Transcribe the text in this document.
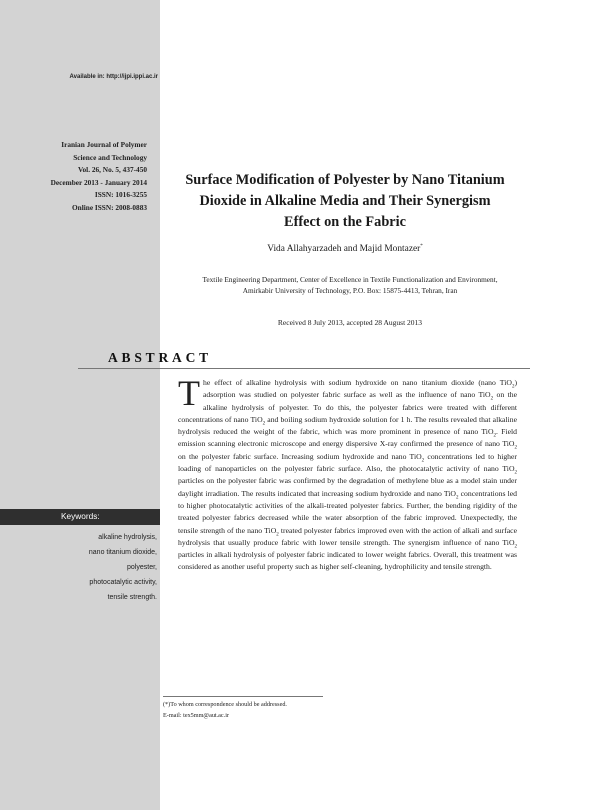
Available in: http://ijpi.ippi.ac.ir
Iranian Journal of Polymer
Science and Technology
Vol. 26, No. 5, 437-450
December 2013 - January 2014
ISSN: 1016-3255
Online ISSN: 2008-0883
Surface Modification of Polyester by Nano Titanium
Dioxide in Alkaline Media and Their Synergism
Effect on the Fabric
Vida Allahyarzadeh and Majid Montazer*
Textile Engineering Department, Center of Excellence in Textile Functionalization and Environment,
Amirkabir University of Technology, P.O. Box: 15875-4413, Tehran, Iran
Received 8 July 2013, accepted 28 August 2013
ABSTRACT
The effect of alkaline hydrolysis with sodium hydroxide on nano titanium dioxide (nano TiO$_2$) adsorption was studied on polyester fabric surface as well as the influence of nano TiO$_2$ on the alkaline hydrolysis of polyester. To do this, the polyester fabrics were treated with different concentrations of nano TiO$_2$ and boiling sodium hydroxide solution for 1 h. The results revealed that alkaline hydrolysis reduced the weight of the fabric, which was more prominent in presence of nano TiO$_2$. Field emission scanning electronic microscope and energy dispersive X-ray confirmed the presence of nano TiO$_2$ on the polyester fabric surface. Increasing sodium hydroxide and nano TiO$_2$ concentrations led to higher loading of nanoparticles on the polyester fabric surface. Also, the photocatalytic activity of nano TiO$_2$ particles on the polyester fabric was confirmed by the degradation of methylene blue as a model stain under daylight irradiation. The results indicated that increasing sodium hydroxide and nano TiO$_2$ concentrations led to higher photocatalytic activities of the alkali-treated polyester fabrics. Further, the bending rigidity of the treated polyester fabrics decreased while the water absorption of the fabric improved. Unexpectedly, the tensile strength of the nano TiO$_2$ treated polyester fabrics improved even with the action of alkali and surface hydrolysis that usually produce fabric with lower tensile strength. The synergism influence of nano TiO$_2$ particles in alkali hydrolysis of polyester fabric indicated to lower weight fabrics. Overall, this treatment was considered as another useful property such as higher self-cleaning, hydrophilicity and tensile strength.
Keywords:
alkaline hydrolysis,
nano titanium dioxide,
polyester,
photocatalytic activity,
tensile strength.
(*)To whom correspondence should be addressed.
E-mail: tex5mm@aut.ac.ir
